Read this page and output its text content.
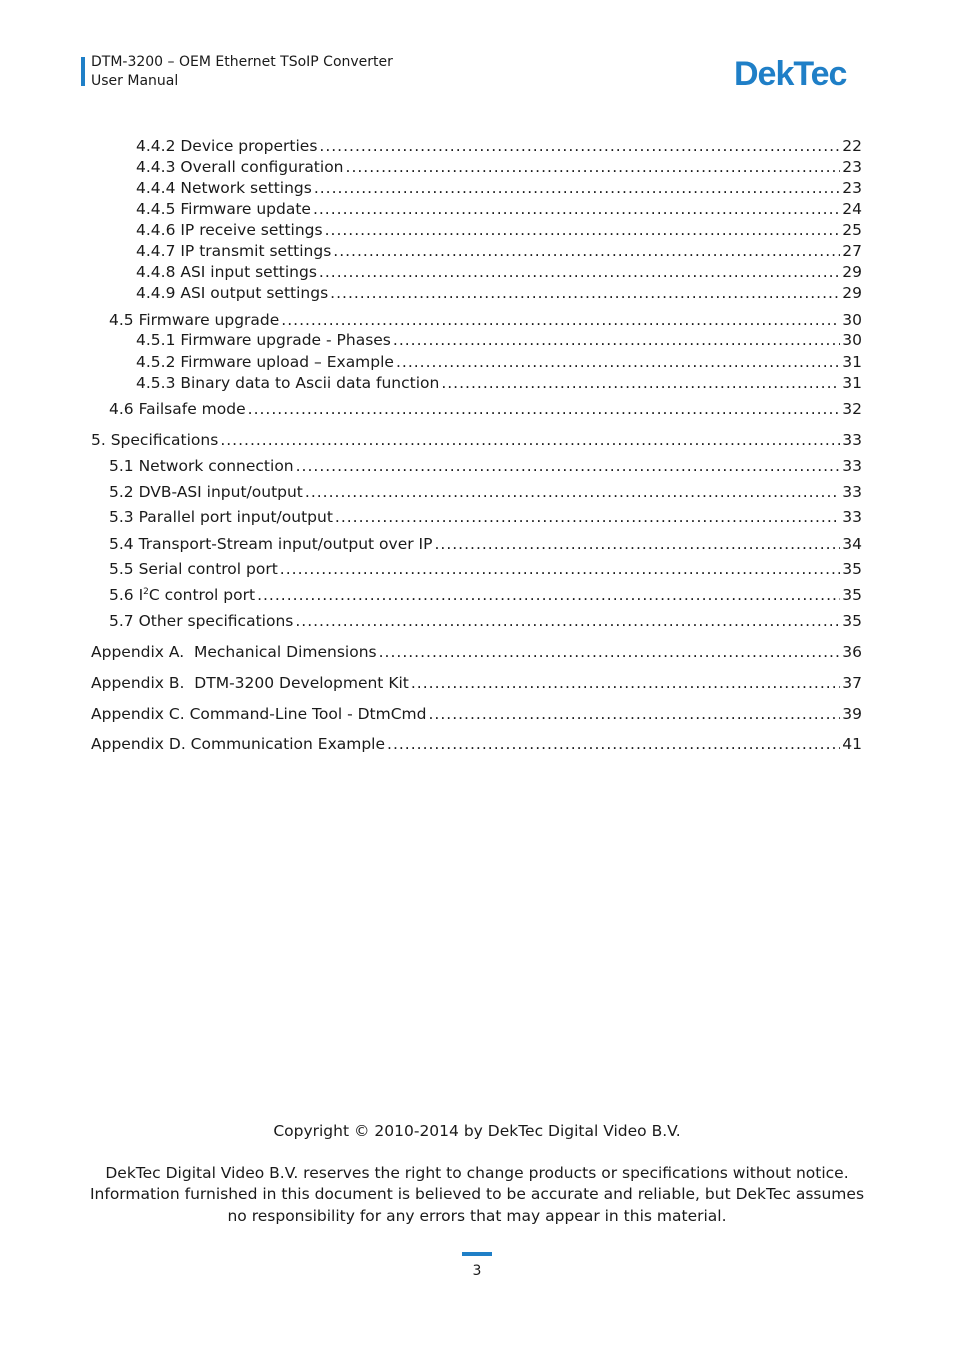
DTM-3200 – OEM Ethernet TSoIP Converter
User Manual	DekTec
4.4.2 Device properties .....	22
4.4.3 Overall configuration .....	23
4.4.4 Network settings .....	23
4.4.5 Firmware update .....	24
4.4.6 IP receive settings .....	25
4.4.7 IP transmit settings .....	27
4.4.8 ASI input settings .....	29
4.4.9 ASI output settings .....	29
4.5 Firmware upgrade .....	30
4.5.1 Firmware upgrade - Phases .....	30
4.5.2 Firmware upload – Example .....	31
4.5.3 Binary data to Ascii data function .....	31
4.6 Failsafe mode .....	32
5. Specifications .....	33
5.1 Network connection .....	33
5.2 DVB-ASI input/output .....	33
5.3 Parallel port input/output .....	33
5.4 Transport-Stream input/output over IP .....	34
5.5 Serial control port .....	35
5.6 $I^2C$ control port .....	35
5.7 Other specifications .....	35
Appendix A.  Mechanical Dimensions .....	36
Appendix B.  DTM-3200 Development Kit .....	37
Appendix C. Command-Line Tool - DtmCmd .....	39
Appendix D. Communication Example .....	41
Copyright © 2010-2014 by DekTec Digital Video B.V.
DekTec Digital Video B.V. reserves the right to change products or specifications without notice.
Information furnished in this document is believed to be accurate and reliable, but DekTec assumes
no responsibility for any errors that may appear in this material.
3
